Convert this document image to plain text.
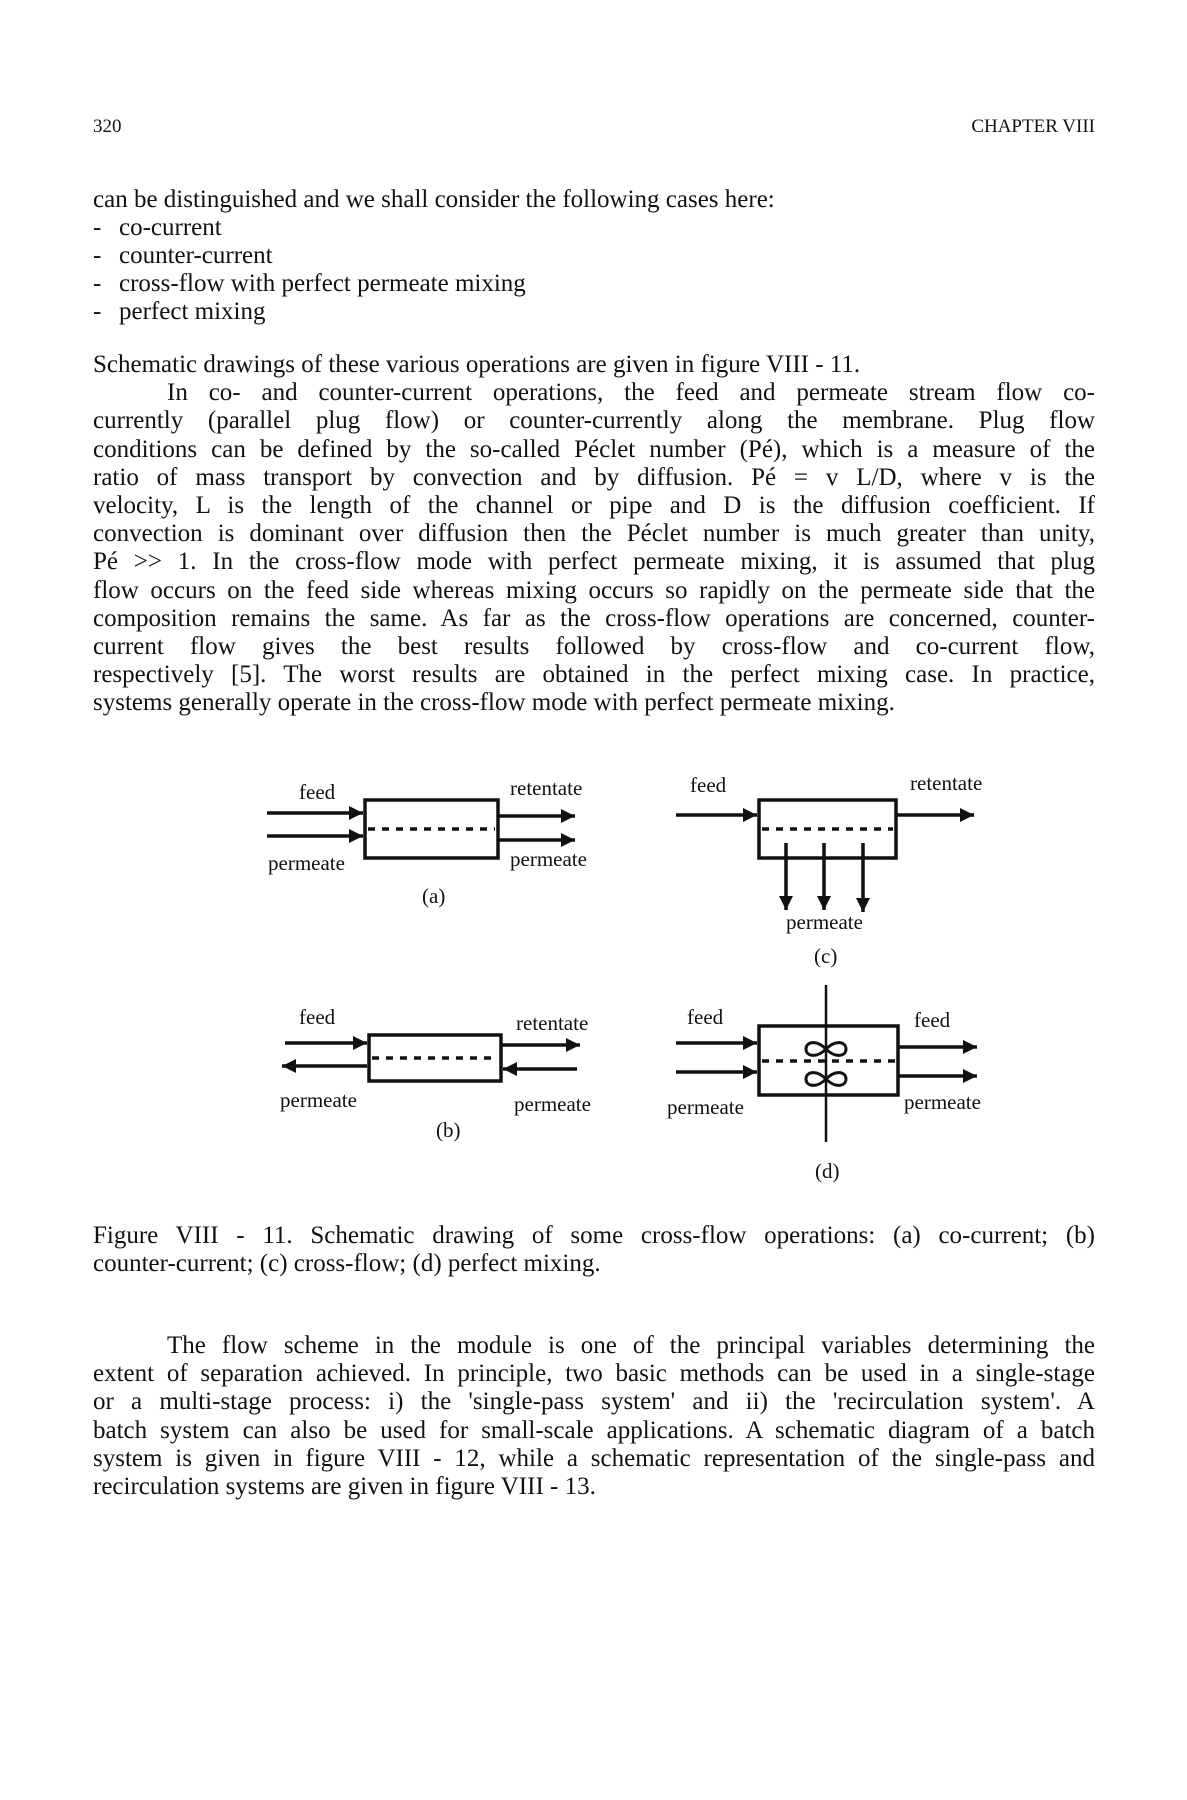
320	CHAPTER VIII
can be distinguished and we shall consider the following cases here:
- co-current
- counter-current
- cross-flow with perfect permeate mixing
- perfect mixing
Schematic drawings of these various operations are given in figure VIII - 11.
In co- and counter-current operations, the feed and permeate stream flow co-
currently (parallel plug flow) or counter-currently along the membrane. Plug flow
conditions can be defined by the so-called Péclet number (Pé), which is a measure of the
ratio of mass transport by convection and by diffusion. Pé = v L/D, where v is the
velocity, L is the length of the channel or pipe and D is the diffusion coefficient. If
convection is dominant over diffusion then the Péclet number is much greater than unity,
Pé >> 1. In the cross-flow mode with perfect permeate mixing, it is assumed that plug
flow occurs on the feed side whereas mixing occurs so rapidly on the permeate side that the
composition remains the same. As far as the cross-flow operations are concerned, counter-
current flow gives the best results followed by cross-flow and co-current flow,
respectively [5]. The worst results are obtained in the perfect mixing case. In practice,
systems generally operate in the cross-flow mode with perfect permeate mixing.
feed	retentate
permeate	permeate
(a)
feed	retentate
permeate
(c)
feed	retentate
permeate	permeate
(b)
feed	feed
permeate	permeate
(d)
Figure VIII - 11. Schematic drawing of some cross-flow operations: (a) co-current; (b)
counter-current; (c) cross-flow; (d) perfect mixing.
The flow scheme in the module is one of the principal variables determining the
extent of separation achieved. In principle, two basic methods can be used in a single-stage
or a multi-stage process: i) the 'single-pass system' and ii) the 'recirculation system'. A
batch system can also be used for small-scale applications. A schematic diagram of a batch
system is given in figure VIII - 12, while a schematic representation of the single-pass and
recirculation systems are given in figure VIII - 13.
